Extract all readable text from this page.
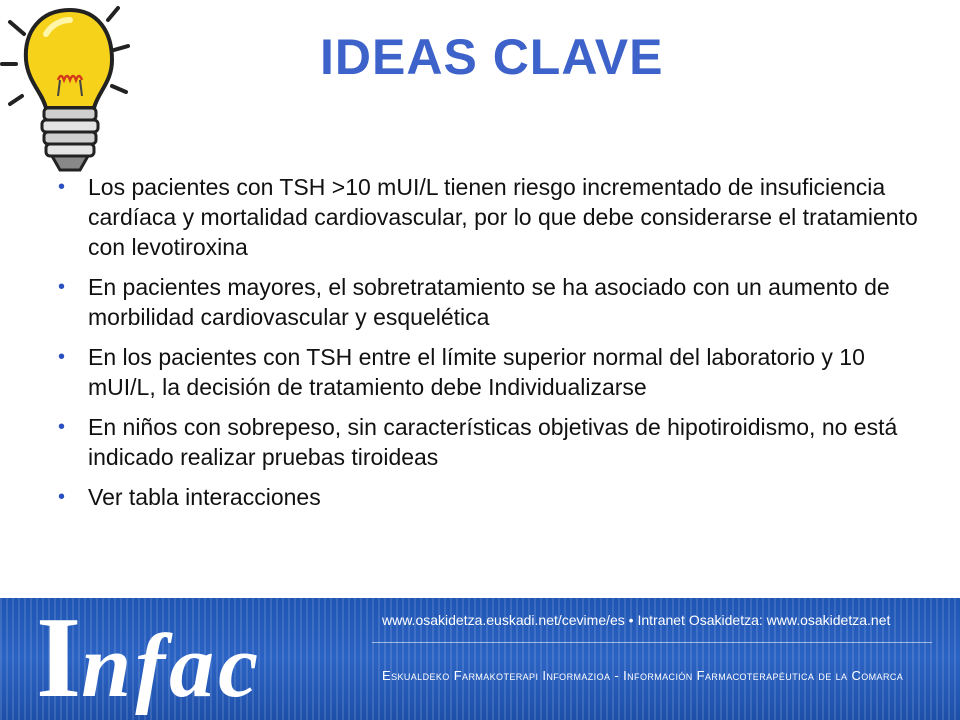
IDEAS CLAVE
• Los pacientes con TSH >10 mUI/L tienen riesgo incrementado de insuficiencia cardíaca y mortalidad cardiovascular, por lo que debe considerarse el tratamiento con levotiroxina
• En pacientes mayores, el sobretratamiento se ha asociado con un aumento de morbilidad cardiovascular y esquelética
• En los pacientes con TSH entre el límite superior normal del laboratorio y 10 mUI/L, la decisión de tratamiento debe Individualizarse
• En niños con sobrepeso, sin características objetivas de hipotiroidismo, no está indicado realizar pruebas tiroideas
• Ver tabla interacciones
Infac	www.osakidetza.euskadi.net/cevime/es • Intranet Osakidetza: www.osakidetza.net
Eskualdeko Farmakoterapi Informazioa - Información Farmacoterapéutica de la Comarca
